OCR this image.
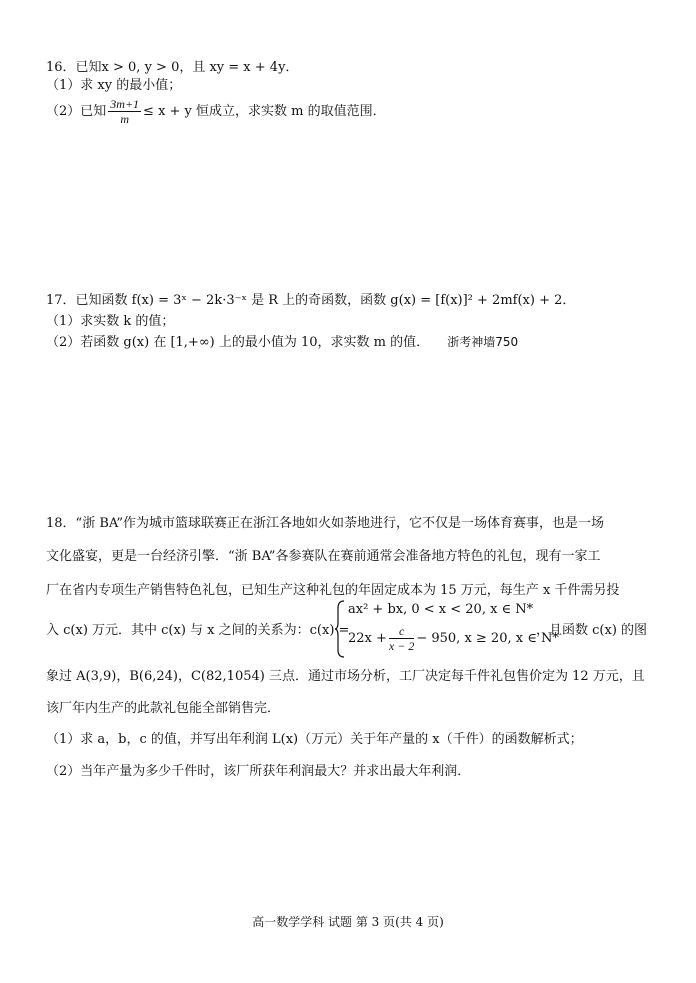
16．已知x > 0, y > 0，且 xy = x + 4y．
（1）求 xy 的最小值；
（2）已知 $\frac{3m+1}{m} \le x + y$ 恒成立，求实数 m 的取值范围．
17．已知函数 f(x) = 3ˣ − 2k·3⁻ˣ 是 R 上的奇函数，函数 g(x) = [f(x)]² + 2mf(x) + 2．
（1）求实数 k 的值；
（2）若函数 g(x) 在 [1,+∞) 上的最小值为 10，求实数 m 的值． 浙考神墙750
18．“浙 BA”作为城市篮球联赛正在浙江各地如火如荼地进行，它不仅是一场体育赛事，也是一场
文化盛宴，更是一台经济引擎．“浙 BA”各参赛队在赛前通常会准备地方特色的礼包，现有一家工
厂在省内专项生产销售特色礼包，已知生产这种礼包的年固定成本为 15 万元，每生产 x 千件需另投
入 c(x) 万元．其中 c(x) 与 x 之间的关系为：c(x) =
ax² + bx, 0 < x < 20, x ∈ N*
$22x + \frac{c}{x - 2} - 950$, x ≥ 20, x ∈ N*
，且函数 c(x) 的图
象过 A(3,9)，B(6,24)，C(82,1054) 三点．通过市场分析，工厂决定每千件礼包售价定为 12 万元，且
该厂年内生产的此款礼包能全部销售完．
（1）求 a，b，c 的值，并写出年利润 L(x)（万元）关于年产量的 x（千件）的函数解析式；
（2）当年产量为多少千件时，该厂所获年利润最大？并求出最大年利润．
高一数学学科 试题 第 3 页(共 4 页)
